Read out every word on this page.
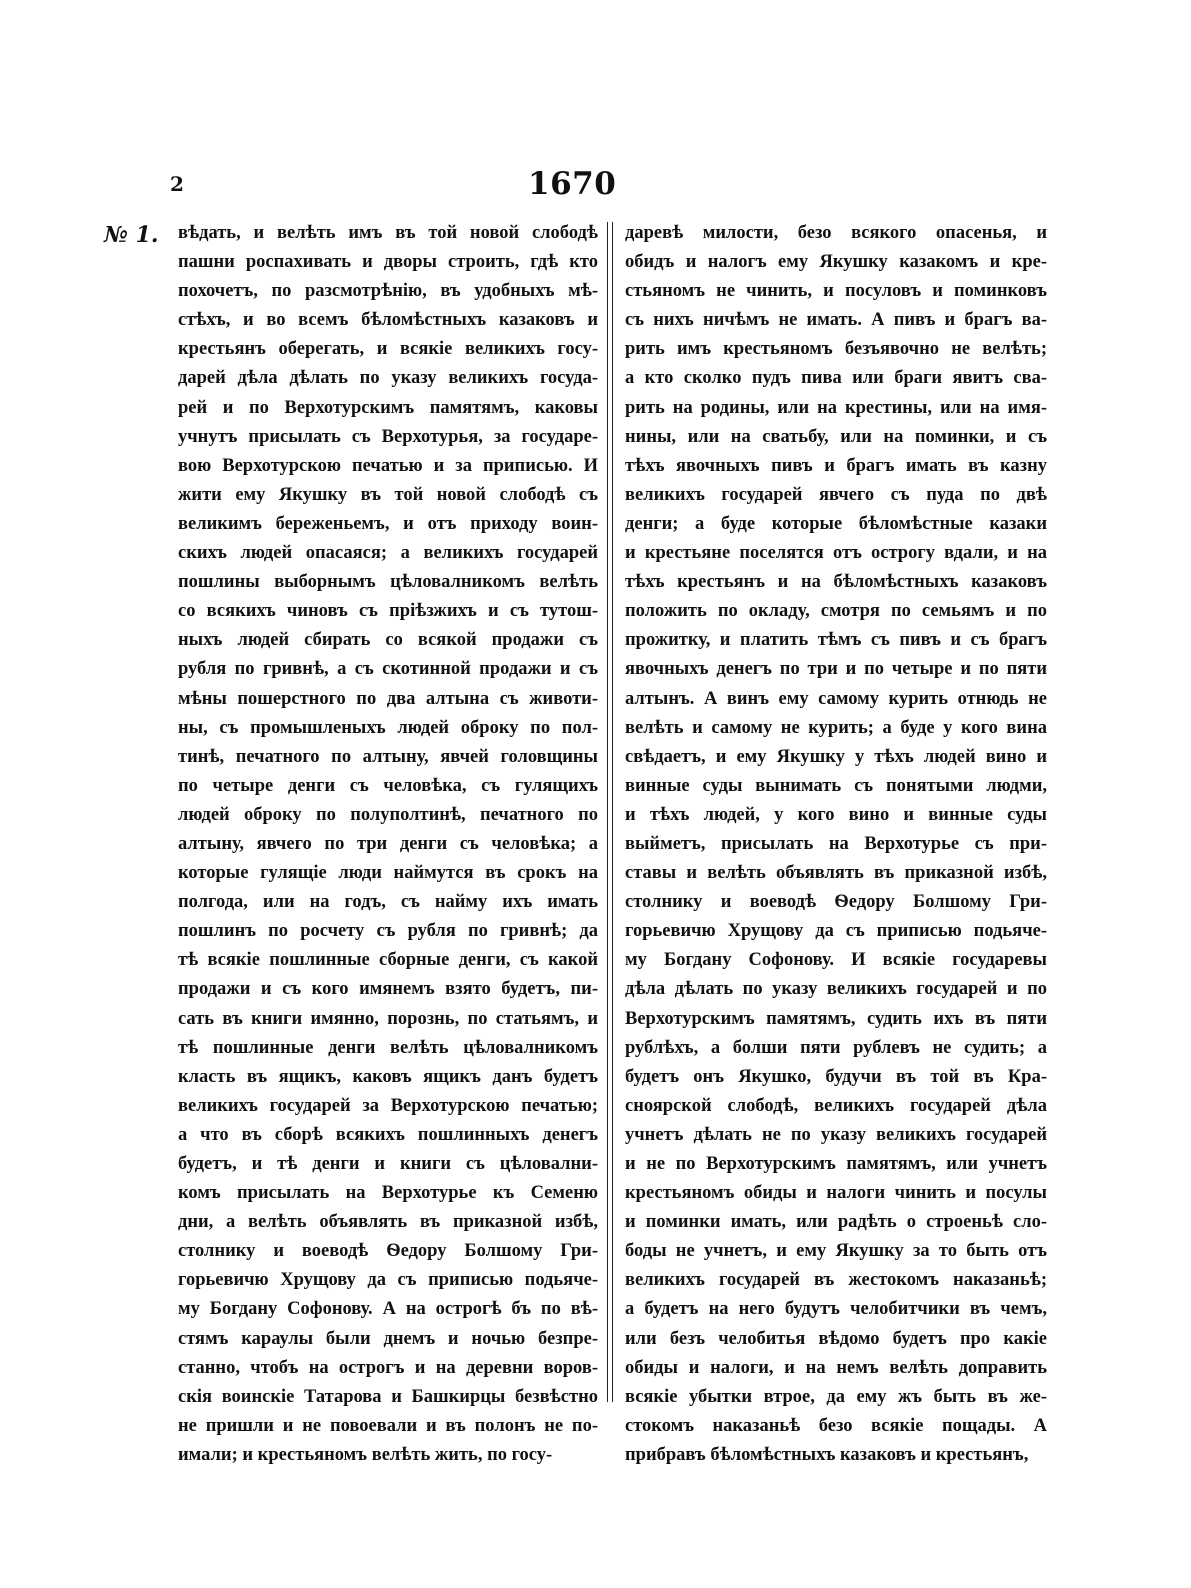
2	1670
№ 1. вѣдать, и велѣть имъ въ той новой слободѣ
пашни роспахивать и дворы строить, гдѣ кто
похочетъ, по разсмотрѣнію, въ удобныхъ мѣ-
стѣхъ, и во всемъ бѣломѣстныхъ казаковъ и
крестьянъ оберегать, и всякіе великихъ госу-
дарей дѣла дѣлать по указу великихъ госуда-
рей и по Верхотурскимъ памятямъ, каковы
учнутъ присылать съ Верхотурья, за государе-
вою Верхотурскою печатью и за приписью. И
жити ему Якушку въ той новой слободѣ съ
великимъ береженьемъ, и отъ приходу воин-
скихъ людей опасаяся; а великихъ государей
пошлины выборнымъ цѣловалникомъ велѣть
со всякихъ чиновъ съ пріѣзжихъ и съ тутош-
ныхъ людей сбирать со всякой продажи съ
рубля по гривнѣ, а съ скотинной продажи и съ
мѣны пошерстного по два алтына съ животи-
ны, съ промышленыхъ людей оброку по пол-
тинѣ, печатного по алтыну, явчей головщины
по четыре денги съ человѣка, съ гулящихъ
людей оброку по полуполтинѣ, печатного по
алтыну, явчего по три денги съ человѣка; а
которые гулящіе люди наймутся въ срокъ на
полгода, или на годъ, съ найму ихъ имать
пошлинъ по росчету съ рубля по гривнѣ; да
тѣ всякіе пошлинные сборные денги, съ какой
продажи и съ кого имянемъ взято будетъ, пи-
сать въ книги имянно, порознь, по статьямъ, и
тѣ пошлинные денги велѣть цѣловалникомъ
класть въ ящикъ, каковъ ящикъ данъ будетъ
великихъ государей за Верхотурскою печатью;
а что въ сборѣ всякихъ пошлинныхъ денегъ
будетъ, и тѣ денги и книги съ цѣловални-
комъ присылать на Верхотурье къ Семеню
дни, а велѣть объявлять въ приказной избѣ,
столнику и воеводѣ Ѳедору Болшому Гри-
горьевичю Хрущову да съ приписью подьяче-
му Богдану Софонову. А на острогѣ бъ по вѣ-
стямъ караулы были днемъ и ночью безпре-
станно, чтобъ на острогъ и на деревни воров-
скія воинскіе Татарова и Башкирцы безвѣстно
не пришли и не повоевали и въ полонъ не по-
имали; и крестьяномъ велѣть жить, по госу-
даревѣ милости, безо всякого опасенья, и
обидъ и налогъ ему Якушку казакомъ и кре-
стьяномъ не чинить, и посуловъ и поминковъ
съ нихъ ничѣмъ не имать. А пивъ и брагъ ва-
рить имъ крестьяномъ безъявочно не велѣть;
а кто сколко пудъ пива или браги явитъ сва-
рить на родины, или на крестины, или на имя-
нины, или на сватьбу, или на поминки, и съ
тѣхъ явочныхъ пивъ и брагъ имать въ казну
великихъ государей явчего съ пуда по двѣ
денги; а буде которые бѣломѣстные казаки
и крестьяне поселятся отъ острогу вдали, и на
тѣхъ крестьянъ и на бѣломѣстныхъ казаковъ
положить по окладу, смотря по семьямъ и по
прожитку, и платить тѣмъ съ пивъ и съ брагъ
явочныхъ денегъ по три и по четыре и по пяти
алтынъ. А винъ ему самому курить отнюдь не
велѣть и самому не курить; а буде у кого вина
свѣдаетъ, и ему Якушку у тѣхъ людей вино и
винные суды вынимать съ понятыми людми,
и тѣхъ людей, у кого вино и винные суды
выйметъ, присылать на Верхотурье съ при-
ставы и велѣть объявлять въ приказной избѣ,
столнику и воеводѣ Ѳедору Болшому Гри-
горьевичю Хрущову да съ приписью подьяче-
му Богдану Софонову. И всякіе государевы
дѣла дѣлать по указу великихъ государей и по
Верхотурскимъ памятямъ, судить ихъ въ пяти
рублѣхъ, а болши пяти рублевъ не судить; а
будетъ онъ Якушко, будучи въ той въ Кра-
сноярской слободѣ, великихъ государей дѣла
учнетъ дѣлать не по указу великихъ государей
и не по Верхотурскимъ памятямъ, или учнетъ
крестьяномъ обиды и налоги чинить и посулы
и поминки имать, или радѣть о строеньѣ сло-
боды не учнетъ, и ему Якушку за то быть отъ
великихъ государей въ жестокомъ наказаньѣ;
а будетъ на него будутъ челобитчики въ чемъ,
или безъ челобитья вѣдомо будетъ про какіе
обиды и налоги, и на немъ велѣть доправить
всякіе убытки втрое, да ему жъ быть въ же-
стокомъ наказаньѣ безо всякіе пощады. А
прибравъ бѣломѣстныхъ казаковъ и крестьянъ,
